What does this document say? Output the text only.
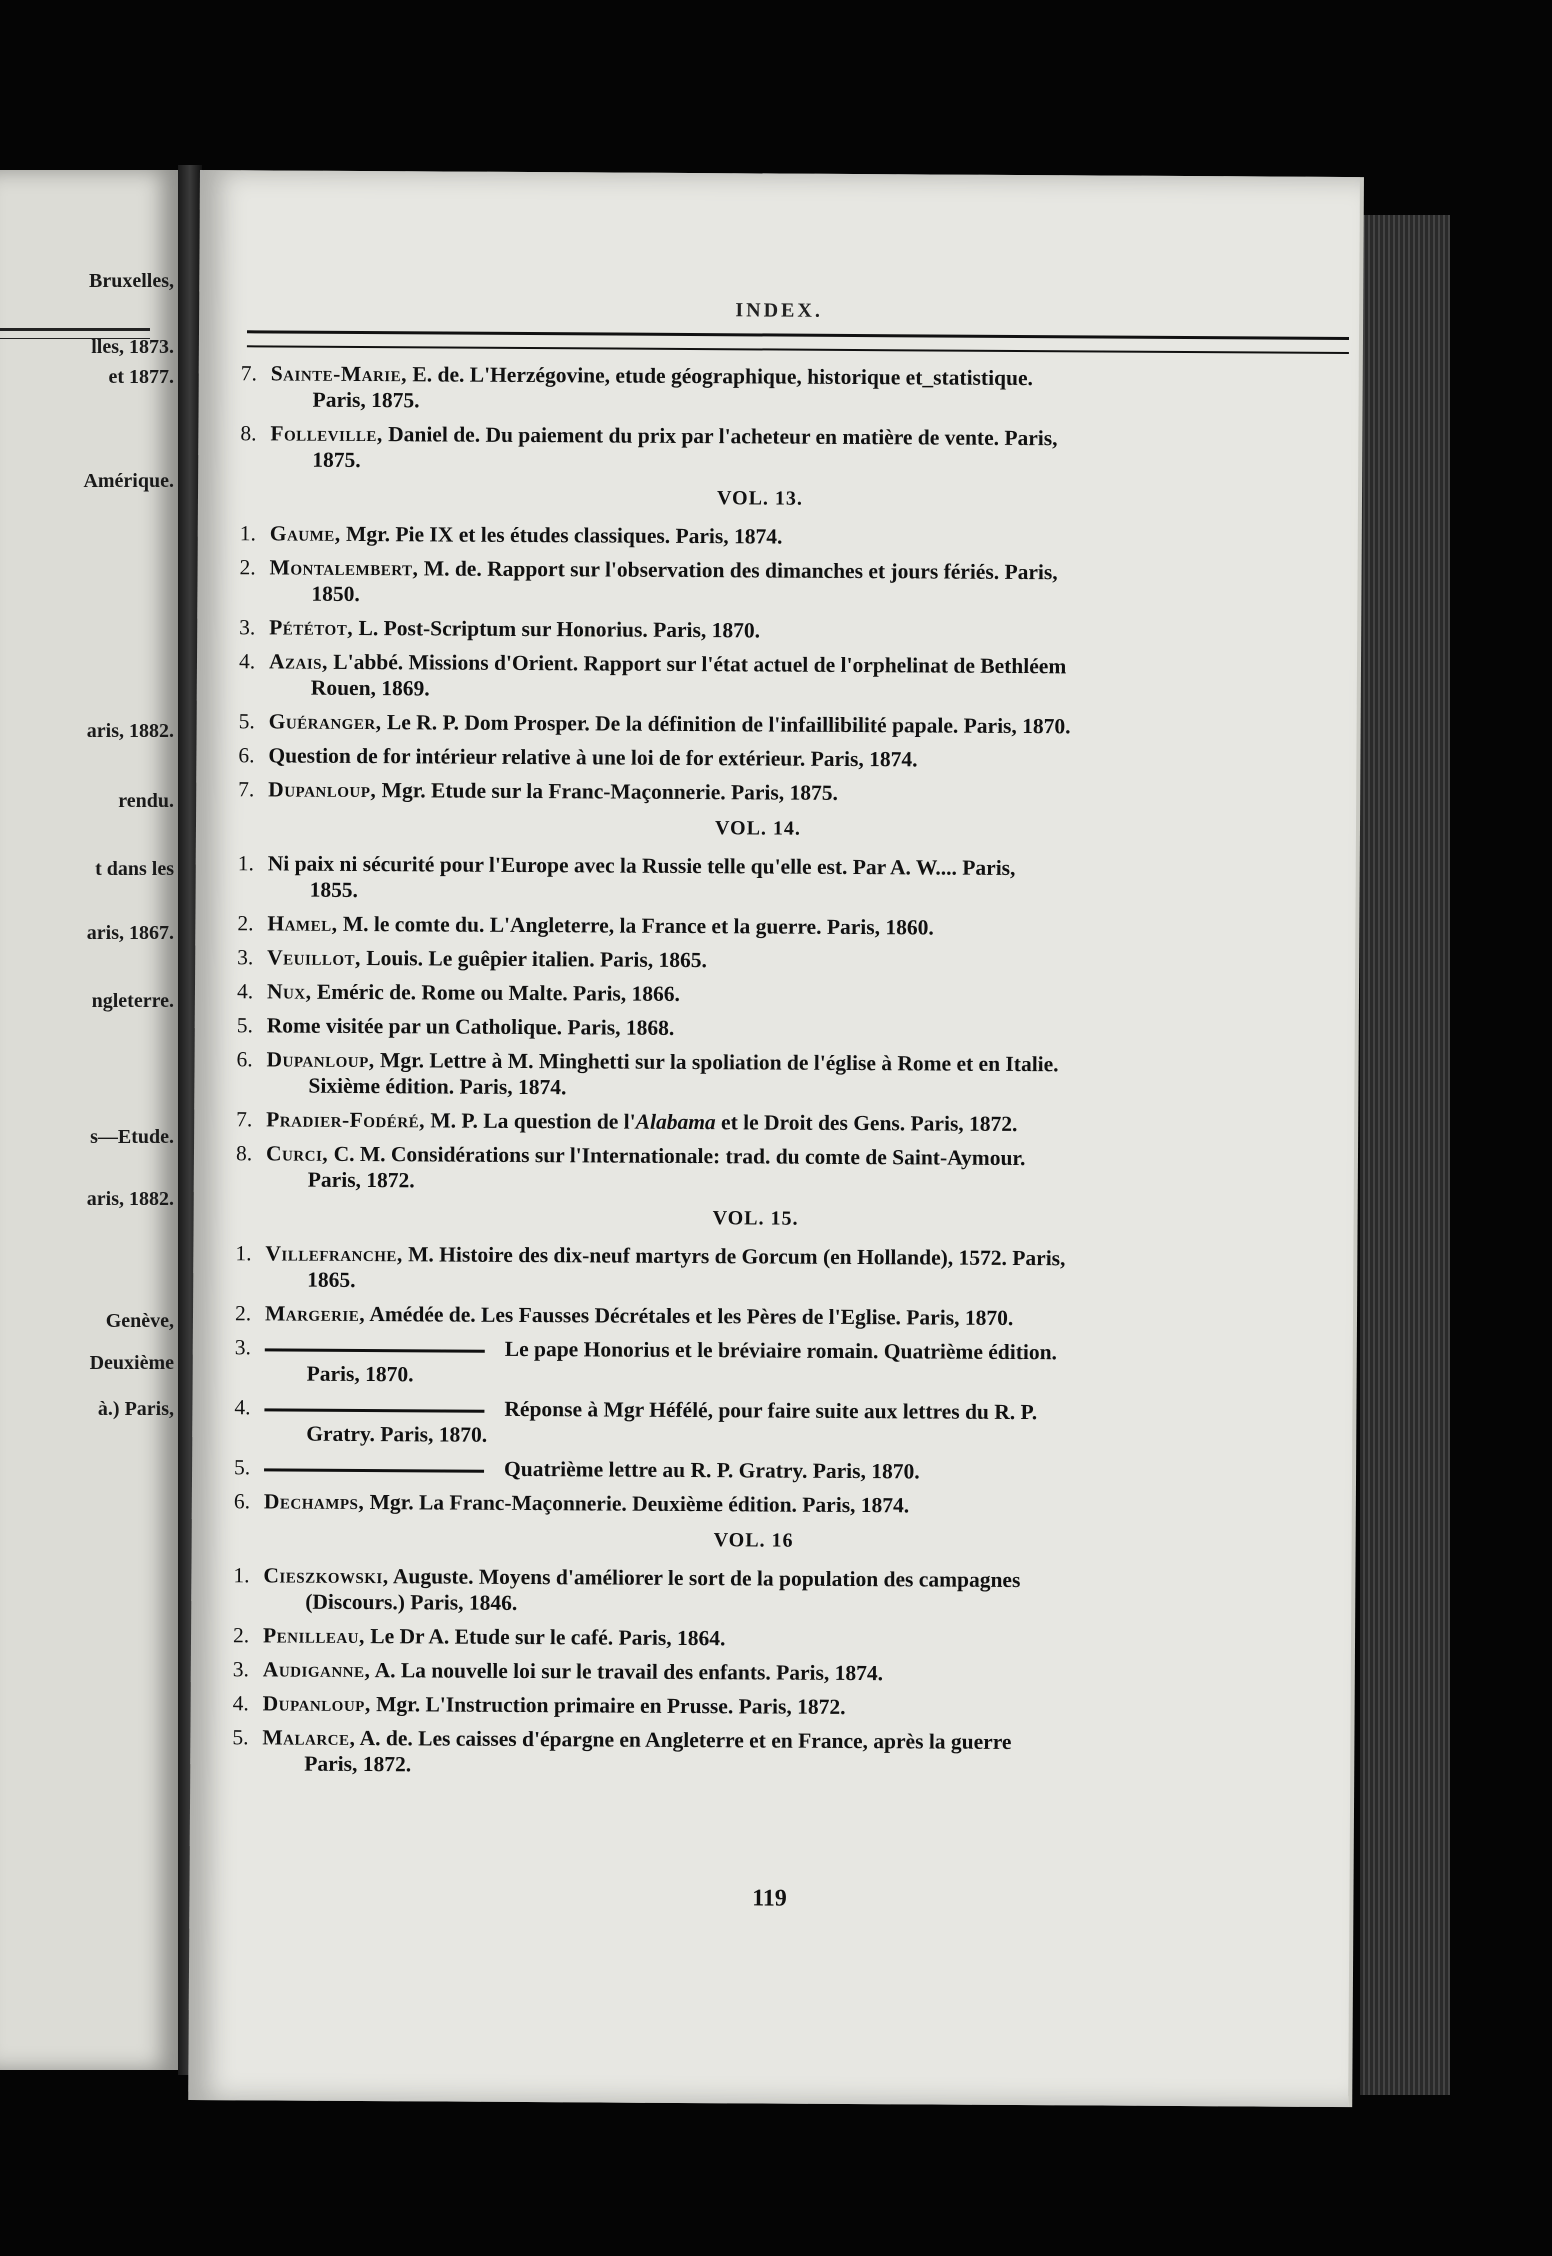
Bruxelles,
lles, 1873.
et 1877.
Amérique.
aris, 1882.
rendu.
t dans les
aris, 1867.
ngleterre.
s—Etude.
aris, 1882.
Genève,
Deuxième
à.) Paris,
INDEX.
7. Sainte-Marie, E. de. L'Herzégovine, etude géographique, historique et_statistique.
Paris, 1875.
8. Folleville, Daniel de. Du paiement du prix par l'acheteur en matière de vente. Paris,
1875.
VOL. 13.
1. Gaume, Mgr. Pie IX et les études classiques. Paris, 1874.
2. Montalembert, M. de. Rapport sur l'observation des dimanches et jours fériés. Paris,
1850.
3. Pététot, L. Post-Scriptum sur Honorius. Paris, 1870.
4. Azais, L'abbé. Missions d'Orient. Rapport sur l'état actuel de l'orphelinat de Bethléem
Rouen, 1869.
5. Guéranger, Le R. P. Dom Prosper. De la définition de l'infaillibilité papale. Paris, 1870.
6. Question de for intérieur relative à une loi de for extérieur. Paris, 1874.
7. Dupanloup, Mgr. Etude sur la Franc-Maçonnerie. Paris, 1875.
VOL. 14.
1. Ni paix ni sécurité pour l'Europe avec la Russie telle qu'elle est. Par A. W.... Paris,
1855.
2. Hamel, M. le comte du. L'Angleterre, la France et la guerre. Paris, 1860.
3. Veuillot, Louis. Le guêpier italien. Paris, 1865.
4. Nux, Eméric de. Rome ou Malte. Paris, 1866.
5. Rome visitée par un Catholique. Paris, 1868.
6. Dupanloup, Mgr. Lettre à M. Minghetti sur la spoliation de l'église à Rome et en Italie.
Sixième édition. Paris, 1874.
7. Pradier-Fodéré, M. P. La question de l'Alabama et le Droit des Gens. Paris, 1872.
8. Curci, C. M. Considérations sur l'Internationale: trad. du comte de Saint-Aymour.
Paris, 1872.
VOL. 15.
1. Villefranche, M. Histoire des dix-neuf martyrs de Gorcum (en Hollande), 1572. Paris,
1865.
2. Margerie, Amédée de. Les Fausses Décrétales et les Pères de l'Eglise. Paris, 1870.
3.	Le pape Honorius et le bréviaire romain. Quatrième édition.
Paris, 1870.
4.	Réponse à Mgr Héfélé, pour faire suite aux lettres du R. P.
Gratry. Paris, 1870.
5.	Quatrième lettre au R. P. Gratry. Paris, 1870.
6. Dechamps, Mgr. La Franc-Maçonnerie. Deuxième édition. Paris, 1874.
VOL. 16
1. Cieszkowski, Auguste. Moyens d'améliorer le sort de la population des campagnes
(Discours.) Paris, 1846.
2. Penilleau, Le Dr A. Etude sur le café. Paris, 1864.
3. Audiganne, A. La nouvelle loi sur le travail des enfants. Paris, 1874.
4. Dupanloup, Mgr. L'Instruction primaire en Prusse. Paris, 1872.
5. Malarce, A. de. Les caisses d'épargne en Angleterre et en France, après la guerre
Paris, 1872.
119
